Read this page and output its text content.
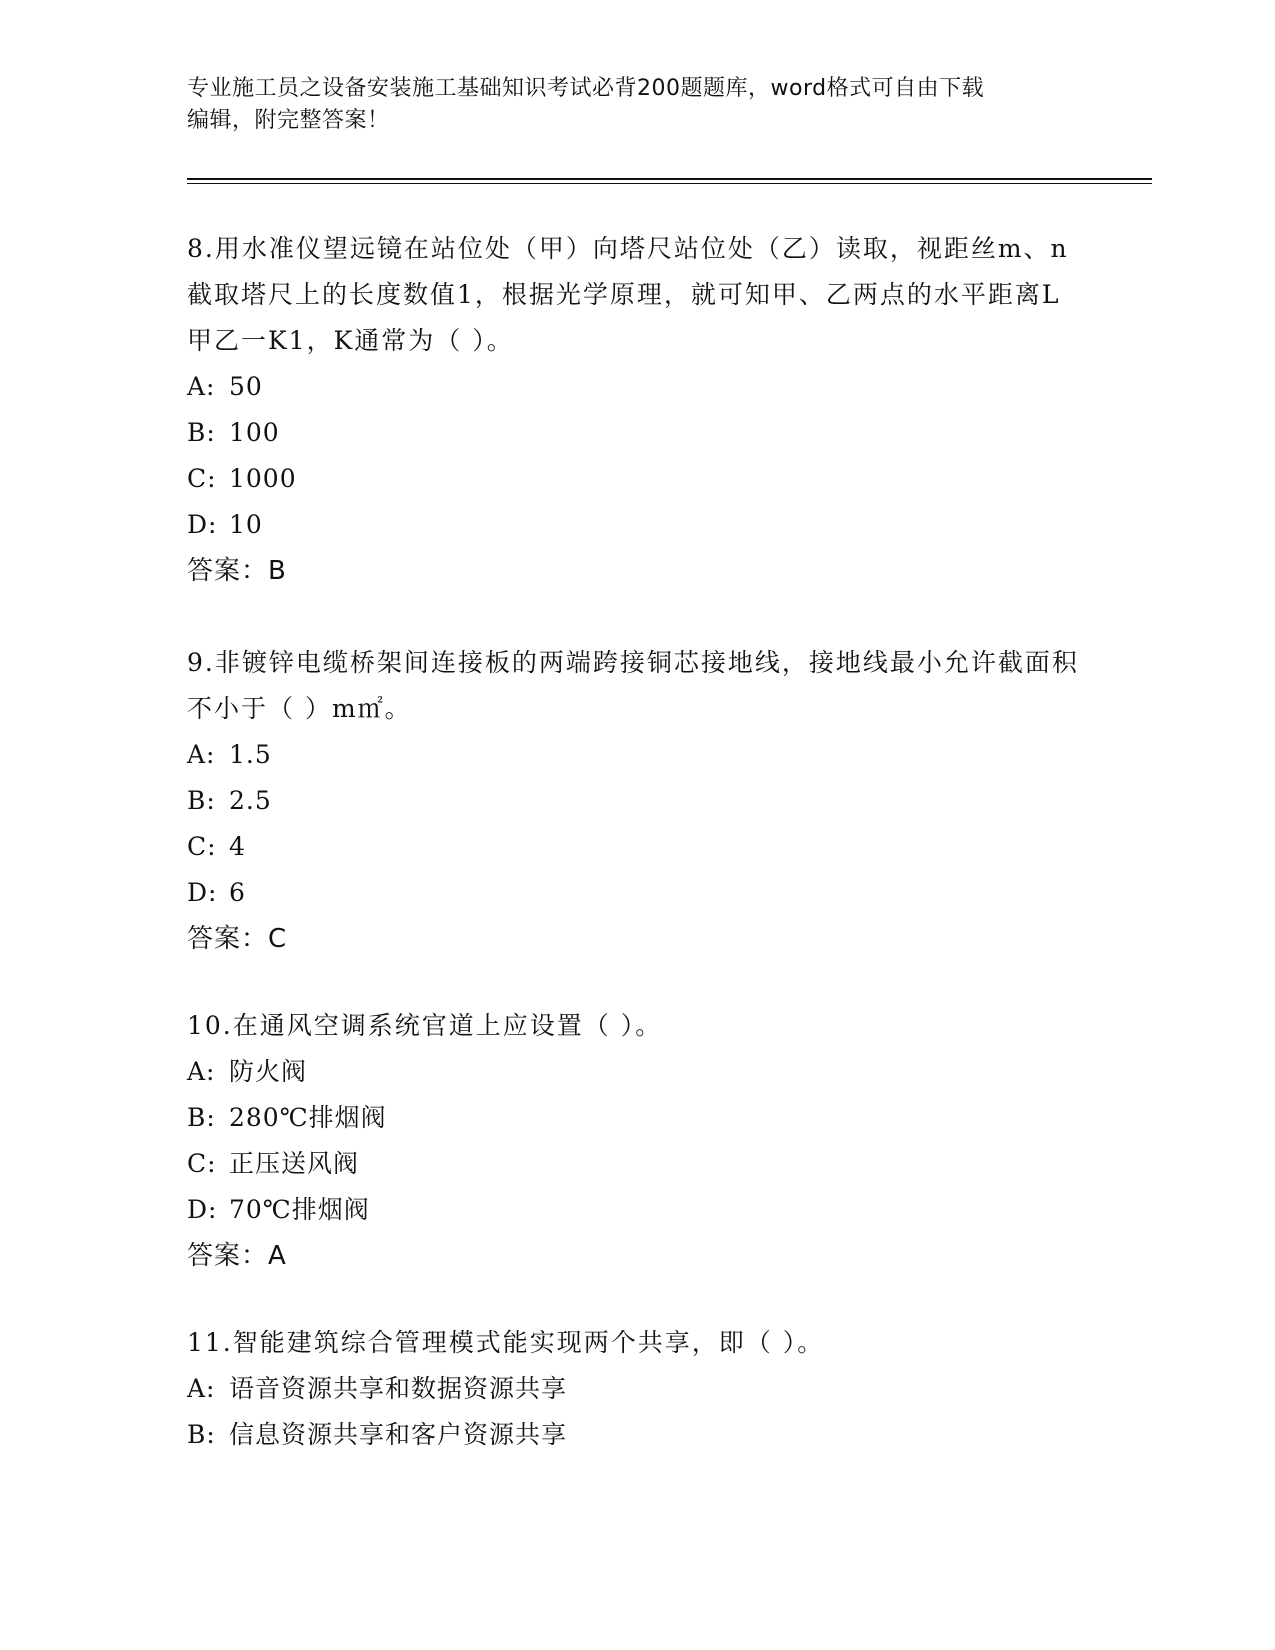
专业施工员之设备安装施工基础知识考试必背200题题库，word格式可自由下载
编辑，附完整答案！
8.用水准仪望远镜在站位处（甲）向塔尺站位处（乙）读取，视距丝m、n截取塔尺上的长度数值1，根据光学原理，就可知甲、乙两点的水平距离L甲乙一K1，K通常为（ ）。
A: 50
B: 100
C: 1000
D: 10
答案：B
9.非镀锌电缆桥架间连接板的两端跨接铜芯接地线，接地线最小允许截面积不小于（ ）m㎡。
A: 1.5
B: 2.5
C: 4
D: 6
答案：C
10.在通风空调系统官道上应设置（ ）。
A: 防火阀
B: 280℃排烟阀
C: 正压送风阀
D: 70℃排烟阀
答案：A
11.智能建筑综合管理模式能实现两个共享，即（ ）。
A: 语音资源共享和数据资源共享
B: 信息资源共享和客户资源共享
